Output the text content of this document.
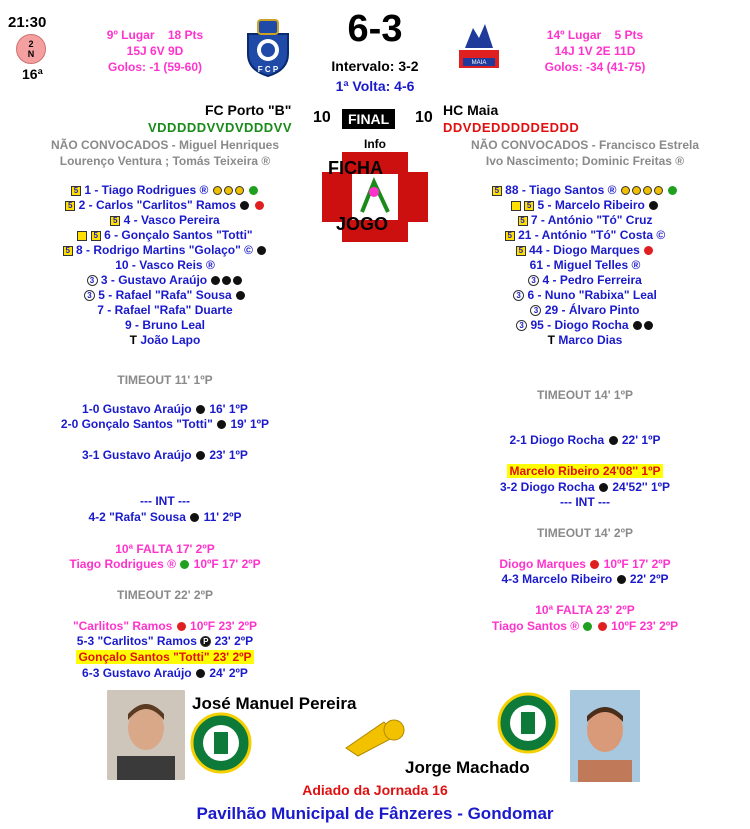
21:30
2
N
16ª
9º Lugar 18 Pts
15J 6V 9D
Golos: -1 (59-60)	F C P
6-3
Intervalo: 3-2
1ª Volta: 4-6
MAIA
14º Lugar 5 Pts
14J 1V 2E 11D
Golos: -34 (41-75)
FC Porto "B" 10	FINAL	10 HC Maia
VDDDDDVVDVDDDVV	DDVDEDDDDDEDDD
NÃO CONVOCADOS - Miguel Henriques
Lourenço Ventura ; Tomás Teixeira ®
NÃO CONVOCADOS - Francisco Estrela
Ivo Nascimento; Dominic Freitas ®
Info
FICHA
JOGO
5 1 - Tiago Rodrigues ®
5 2 - Carlos "Carlitos" Ramos
5 4 - Vasco Pereira
5 6 - Gonçalo Santos "Totti"
5 8 - Rodrigo Martins "Golaço" ©
10 - Vasco Reis ®
3 3 - Gustavo Araújo
3 5 - Rafael "Rafa" Sousa
7 - Rafael "Rafa" Duarte
9 - Bruno Leal
T João Lapo
5 88 - Tiago Santos ®
5 5 - Marcelo Ribeiro
5 7 - António "Tó" Cruz
5 21 - António "Tó" Costa ©
5 44 - Diogo Marques
61 - Miguel Telles ®
3 4 - Pedro Ferreira
3 6 - Nuno "Rabixa" Leal
3 29 - Álvaro Pinto
3 95 - Diogo Rocha
T Marco Dias
TIMEOUT 11' 1ºP
1-0 Gustavo Araújo 16' 1ºP
2-0 Gonçalo Santos "Totti" 19' 1ºP
3-1 Gustavo Araújo 23' 1ºP
--- INT ---
4-2 "Rafa" Sousa 11' 2ºP
10ª FALTA 17' 2ºP
Tiago Rodrigues ® 10ºF 17' 2ºP
TIMEOUT 22' 2ºP
"Carlitos" Ramos 10ºF 23' 2ºP
5-3 "Carlitos" Ramos P 23' 2ºP
Gonçalo Santos "Totti" 23' 2ºP
6-3 Gustavo Araújo 24' 2ºP
TIMEOUT 14' 1ºP
2-1 Diogo Rocha 22' 1ºP
Marcelo Ribeiro 24'08'' 1ºP
3-2 Diogo Rocha 24'52'' 1ºP
--- INT ---
TIMEOUT 14' 2ºP
Diogo Marques 10ºF 17' 2ºP
4-3 Marcelo Ribeiro 22' 2ºP
10ª FALTA 23' 2ºP
Tiago Santos ®	10ºF 23' 2ºP
José Manuel Pereira
Jorge Machado
Adiado da Jornada 16
Pavilhão Municipal de Fânzeres - Gondomar
